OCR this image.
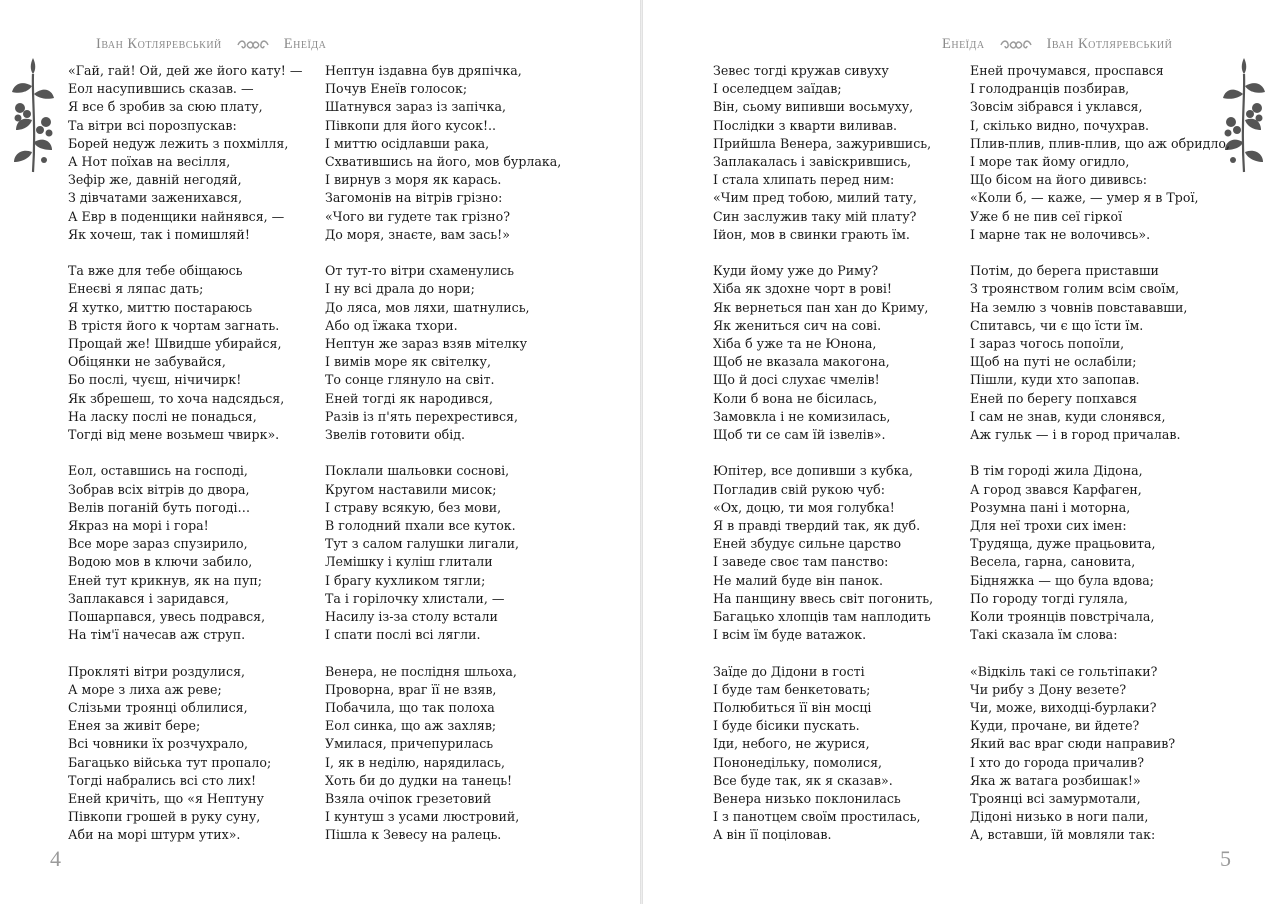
Іван Котляревський	Енеїда
«Гай, гай! Ой, дей же його кату! —
Еол насупившись сказав. —
Я все б зробив за сюю плату,
Та вітри всі порозпускав:
Борей недуж лежить з похмілля,
А Нот поїхав на весілля,
Зефір же, давній негодяй,
З дівчатами заженихався,
А Евр в поденщики найнявся, —
Як хочеш, так і помишляй!
Та вже для тебе обіщаюсь
Енеєві я ляпас дать;
Я хутко, миттю постараюсь
В трістя його к чортам загнать.
Прощай же! Швидше убирайся,
Обіцянки не забувайся,
Бо послі, чуєш, нічичирк!
Як збрешеш, то хоча надсядься,
На ласку послі не понадься,
Тогді від мене возьмеш чвирк».
Еол, оставшись на господі,
Зобрав всіх вітрів до двора,
Велів поганій буть погоді…
Якраз на морі і гора!
Все море зараз спузирило,
Водою мов в ключи забило,
Еней тут крикнув, як на пуп;
Заплакався і заридався,
Пошарпався, увесь подрався,
На тім'ї начесав аж струп.
Прокляті вітри роздулися,
А море з лиха аж реве;
Слізьми троянці облилися,
Енея за живіт бере;
Всі човники їх розчухрало,
Багацько війська тут пропало;
Тогді набрались всі сто лих!
Еней кричіть, що «я Нептуну
Півкопи грошей в руку суну,
Аби на морі штурм утих».
Нептун іздавна був дряпічка,
Почув Енеїв голосок;
Шатнувся зараз із запічка,
Півкопи для його кусок!..
І миттю осідлавши рака,
Схватившись на його, мов бурлака,
І вирнув з моря як карась.
Загомонів на вітрів грізно:
«Чого ви гудете так грізно?
До моря, знаєте, вам зась!»
От тут-то вітри схаменулись
І ну всі драла до нори;
До ляса, мов ляхи, шатнулись,
Або од їжака тхори.
Нептун же зараз взяв мітелку
І вимів море як світелку,
То сонце глянуло на світ.
Еней тогді як народився,
Разів із п'ять перехрестився,
Звелів готовити обід.
Поклали шальовки соснові,
Кругом наставили мисок;
І страву всякую, без мови,
В голодний пхали все куток.
Тут з салом галушки лигали,
Лемішку і куліш глитали
І брагу кухликом тягли;
Та і горілочку хлистали, —
Насилу із-за столу встали
І спати послі всі лягли.
Венера, не послідня шльоха,
Проворна, враг її не взяв,
Побачила, що так полоха
Еол синка, що аж захляв;
Умилася, причепурилась
І, як в неділю, нарядилась,
Хоть би до дудки на танець!
Взяла очіпок грезетовий
І кунтуш з усами люстровий,
Пішла к Зевесу на ралець.
4
Енеїда	Іван Котляревський
Зевес тогді кружав сивуху
І оселедцем заїдав;
Він, сьому випивши восьмуху,
Послідки з кварти виливав.
Прийшла Венера, зажурившись,
Заплакалась і завіскрившись,
І стала хлипать перед ним:
«Чим пред тобою, милий тату,
Син заслужив таку мій плату?
Ійон, мов в свинки грають їм.
Куди йому уже до Риму?
Хіба як здохне чорт в рові!
Як вернеться пан хан до Криму,
Як жениться сич на сові.
Хіба б уже та не Юнона,
Щоб не вказала макогона,
Що й досі слухає чмелів!
Коли б вона не бісилась,
Замовкла і не комизилась,
Щоб ти се сам їй ізвелів».
Юпітер, все допивши з кубка,
Погладив свій рукою чуб:
«Ох, доцю, ти моя голубка!
Я в правді твердий так, як дуб.
Еней збудує сильне царство
І заведе своє там панство:
Не малий буде він панок.
На панщину ввесь світ погонить,
Багацько хлопців там наплодить
І всім їм буде ватажок.
Заїде до Дідони в гості
І буде там бенкетовать;
Полюбиться її він мосці
І буде бісики пускать.
Іди, небого, не журися,
Пононедільку, помолися,
Все буде так, як я сказав».
Венера низько поклонилась
І з панотцем своїм простилась,
А він її поціловав.
Еней прочумався, проспався
І голодранців позбирав,
Зовсім зібрався і уклався,
І, скількo видно, почухрав.
Плив-плив, плив-плив, що аж обридло,
І море так йому огидло,
Що бісом на його дививсь:
«Коли б, — каже, — умер я в Трої,
Уже б не пив сеї гіркої
І марне так не волочивсь».
Потім, до берега приставши
З троянством голим всім своїм,
На землю з човнів повстававши,
Спитавсь, чи є що їсти їм.
І зараз чогось попоїли,
Щоб на путі не ослабіли;
Пішли, куди хто запопав.
Еней по берегу попхався
І сам не знав, куди слонявся,
Аж гульк — і в город причалав.
В тім городі жила Дідона,
А город звався Карфаген,
Розумна пані і моторна,
Для неї трохи сих імен:
Трудяща, дуже працьовита,
Весела, гарна, сановита,
Бідняжка — що була вдова;
По городу тогді гуляла,
Коли троянців повстрічала,
Такі сказала їм слова:
«Відкіль такі се гольтіпаки?
Чи рибу з Дону везете?
Чи, може, виходці-бурлаки?
Куди, прочане, ви йдете?
Який вас враг сюди направив?
І хто до города причалив?
Яка ж ватага розбишак!»
Троянці всі замурмотали,
Дідоні низько в ноги пали,
А, вставши, їй мовляли так:
5
